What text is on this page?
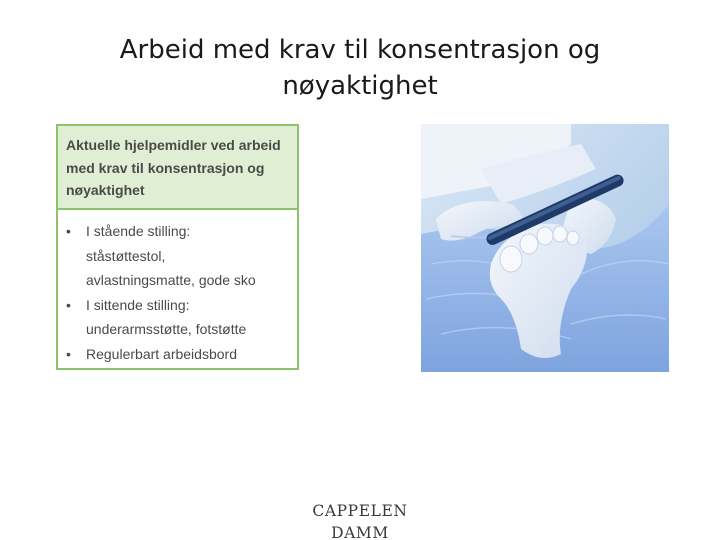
Arbeid med krav til konsentrasjon og
nøyaktighet
Aktuelle hjelpemidler ved arbeid
med krav til konsentrasjon og
nøyaktighet
•	I stående stilling:
ståstøttestol,
avlastningsmatte, gode sko
•	I sittende stilling:
underarmsstøtte, fotstøtte
•	Regulerbart arbeidsbord
CAPPELEN DAMM
